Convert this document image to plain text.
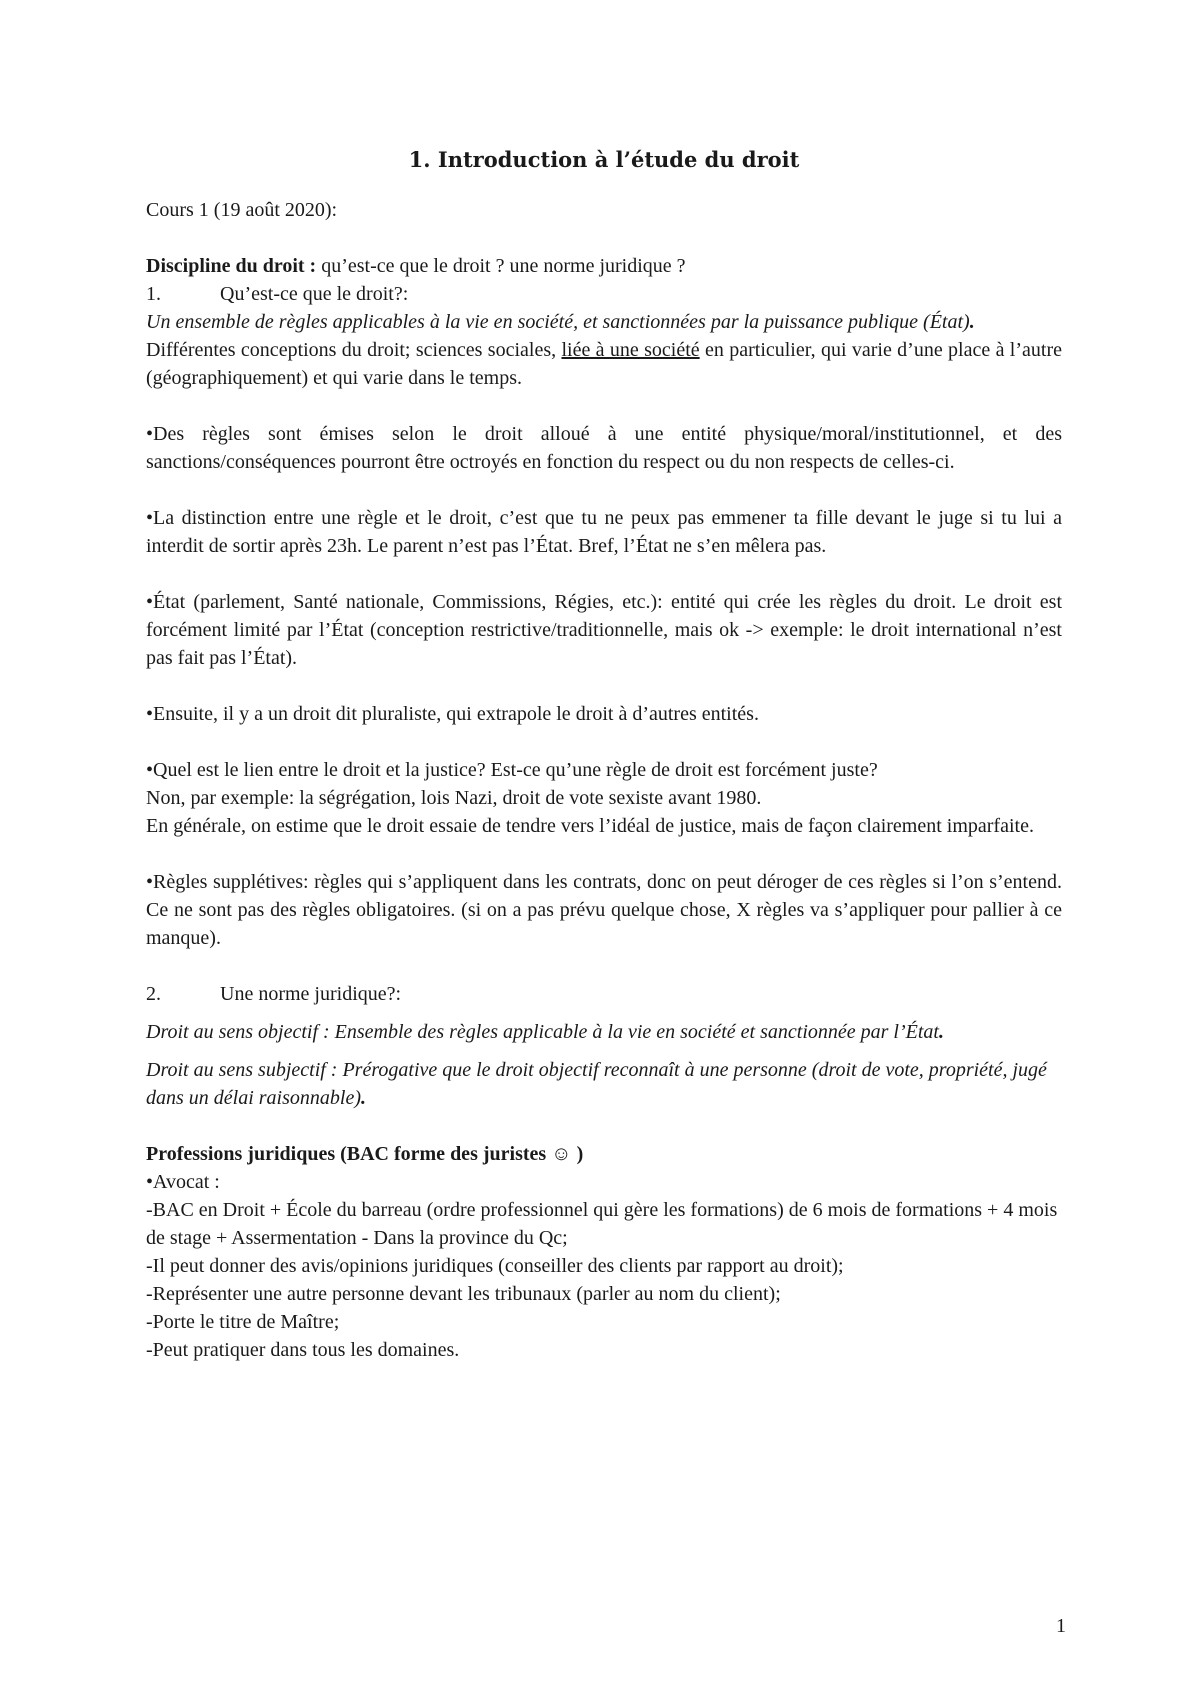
1. Introduction à l’étude du droit

Cours 1 (19 août 2020):

Discipline du droit : qu’est-ce que le droit ? une norme juridique ?

1.	Qu’est-ce que le droit?:

Un ensemble de règles applicables à la vie en société, et sanctionnées par la puissance publique (État).

Différentes conceptions du droit; sciences sociales, liée à une société en particulier, qui varie d’une place à l’autre (géographiquement) et qui varie dans le temps.

•Des règles sont émises selon le droit alloué à une entité physique/moral/institutionnel, et des sanctions/conséquences pourront être octroyés en fonction du respect ou du non respects de celles-ci.

•La distinction entre une règle et le droit, c’est que tu ne peux pas emmener ta fille devant le juge si tu lui a interdit de sortir après 23h. Le parent n’est pas l’État. Bref, l’État ne s’en mêlera pas.

•État (parlement, Santé nationale, Commissions, Régies, etc.): entité qui crée les règles du droit. Le droit est forcément limité par l’État (conception restrictive/traditionnelle, mais ok -> exemple: le droit international n’est pas fait pas l’État).

•Ensuite, il y a un droit dit pluraliste, qui extrapole le droit à d’autres entités.

•Quel est le lien entre le droit et la justice? Est-ce qu’une règle de droit est forcément juste?

Non, par exemple: la ségrégation, lois Nazi, droit de vote sexiste avant 1980.

En générale, on estime que le droit essaie de tendre vers l’idéal de justice, mais de façon clairement imparfaite.

•Règles supplétives: règles qui s’appliquent dans les contrats, donc on peut déroger de ces règles si l’on s’entend. Ce ne sont pas des règles obligatoires. (si on a pas prévu quelque chose, X règles va s’appliquer pour pallier à ce manque).

2.	Une norme juridique?:

Droit au sens objectif : Ensemble des règles applicable à la vie en société et sanctionnée par l’État.

Droit au sens subjectif : Prérogative que le droit objectif reconnaît à une personne (droit de vote, propriété, jugé dans un délai raisonnable).

Professions juridiques (BAC forme des juristes ☺ )

•Avocat :

-BAC en Droit + École du barreau (ordre professionnel qui gère les formations) de 6 mois de formations + 4 mois de stage + Assermentation - Dans la province du Qc;

-Il peut donner des avis/opinions juridiques (conseiller des clients par rapport au droit);

-Représenter une autre personne devant les tribunaux (parler au nom du client);

-Porte le titre de Maître;

-Peut pratiquer dans tous les domaines.

1
